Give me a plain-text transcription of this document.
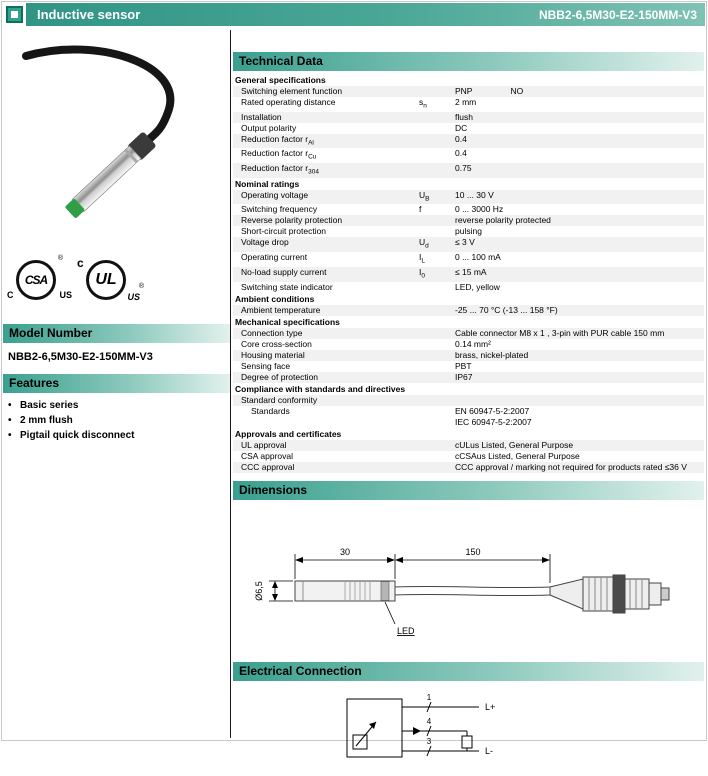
Inductive sensor	NBB2-6,5M30-E2-150MM-V3
CSA
®
C	US
c
UL
US
®
Model Number
NBB2-6,5M30-E2-150MM-V3
Features
• Basic series
• 2 mm flush
• Pigtail quick disconnect
Technical Data
General specifications
Switching element function	PNP	NO
Rated operating distance	$s_n$	2 mm
Installation	flush
Output polarity	DC
Reduction factor $r_{Al}$	0.4
Reduction factor $r_{Cu}$	0.4
Reduction factor $r_{304}$	0.75
Nominal ratings
Operating voltage	$U_B$	10 ... 30 V
Switching frequency	f	0 ... 3000 Hz
Reverse polarity protection	reverse polarity protected
Short-circuit protection	pulsing
Voltage drop	$U_d$	≤ 3 V
Operating current	$I_L$	0 ... 100 mA
No-load supply current	$I_0$	≤ 15 mA
Switching state indicator	LED, yellow
Ambient conditions
Ambient temperature	-25 ... 70 °C (-13 ... 158 °F)
Mechanical specifications
Connection type	Cable connector M8 x 1 , 3-pin with PUR cable 150 mm
Core cross-section	0.14 mm²
Housing material	brass, nickel-plated
Sensing face	PBT
Degree of protection	IP67
Compliance with standards and directives
Standard conformity
Standards	EN 60947-5-2:2007
IEC 60947-5-2:2007
Approvals and certificates
UL approval	cULus Listed, General Purpose
CSA approval	cCSAus Listed, General Purpose
CCC approval	CCC approval / marking not required for products rated ≤36 V
Dimensions
30	150
Ø6,5
LED
Electrical Connection
1
4
3
L+
L-
